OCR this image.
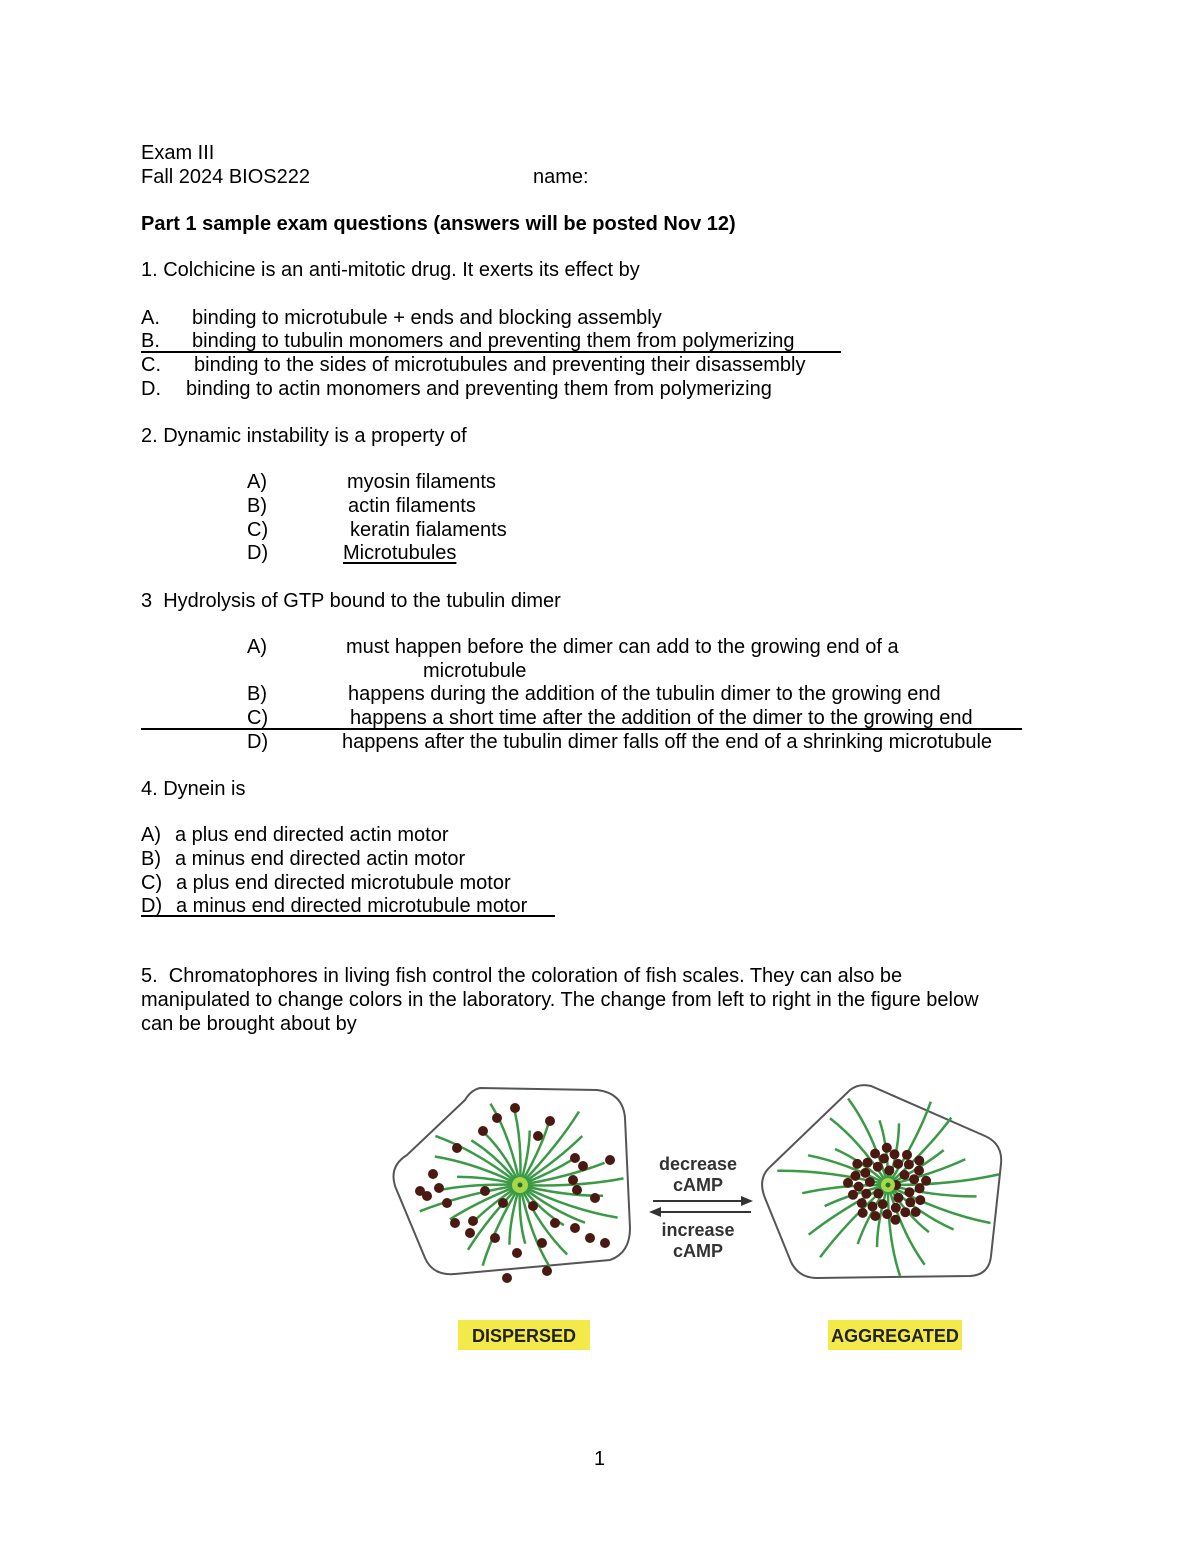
Exam III

Fall 2024 BIOS222	name:

Part 1 sample exam questions (answers will be posted Nov 12)

1. Colchicine is an anti-mitotic drug. It exerts its effect by

A. binding to microtubule + ends and blocking assembly

B. binding to tubulin monomers and preventing them from polymerizing

C. binding to the sides of microtubules and preventing their disassembly

D. binding to actin monomers and preventing them from polymerizing

2. Dynamic instability is a property of

A)	myosin filaments

B)	actin filaments

C)	keratin fialaments

D)	Microtubules

3  Hydrolysis of GTP bound to the tubulin dimer

A)	must happen before the dimer can add to the growing end of a

microtubule

B)	happens during the addition of the tubulin dimer to the growing end

C)	happens a short time after the addition of the dimer to the growing end

D)	happens after the tubulin dimer falls off the end of a shrinking microtubule

4. Dynein is

A) a plus end directed actin motor

B) a minus end directed actin motor

C) a plus end directed microtubule motor

D) a minus end directed microtubule motor

5.  Chromatophores in living fish control the coloration of fish scales. They can also be

manipulated to change colors in the laboratory. The change from left to right in the figure below

can be brought about by

decrease
cAMP
increase
cAMP
DISPERSED	AGGREGATED

1
